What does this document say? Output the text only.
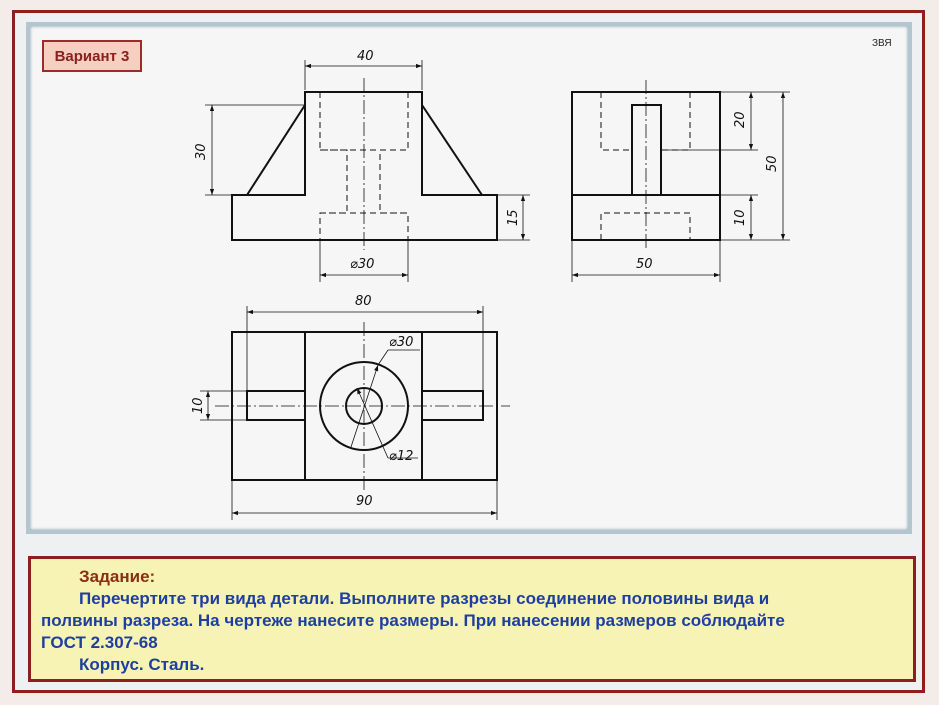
40
30
15
⌀30
20
10
50
50
80
90
10
⌀30
⌀12
Вариант 3
ЗВЯ
Задание:
Перечертите три вида детали. Выполните разрезы соединение половины вида и
полвины разреза. На чертеже нанесите размеры. При нанесении размеров соблюдайте
ГОСТ 2.307-68
Корпус. Сталь.
